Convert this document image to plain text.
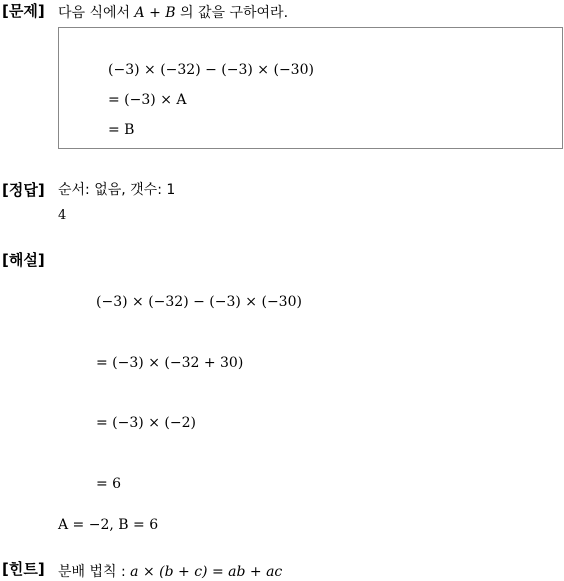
[문제] 다음 식에서 A + B 의 값을 구하여라.
(−3) × (−32) − (−3) × (−30)
= (−3) × A
= B
[정답] 순서: 없음, 갯수: 1
4
[해설]
(−3) × (−32) − (−3) × (−30)
= (−3) × (−32 + 30)
= (−3) × (−2)
= 6
A = −2, B = 6
[힌트] 분배 법칙 : a × (b + c) = ab + ac
